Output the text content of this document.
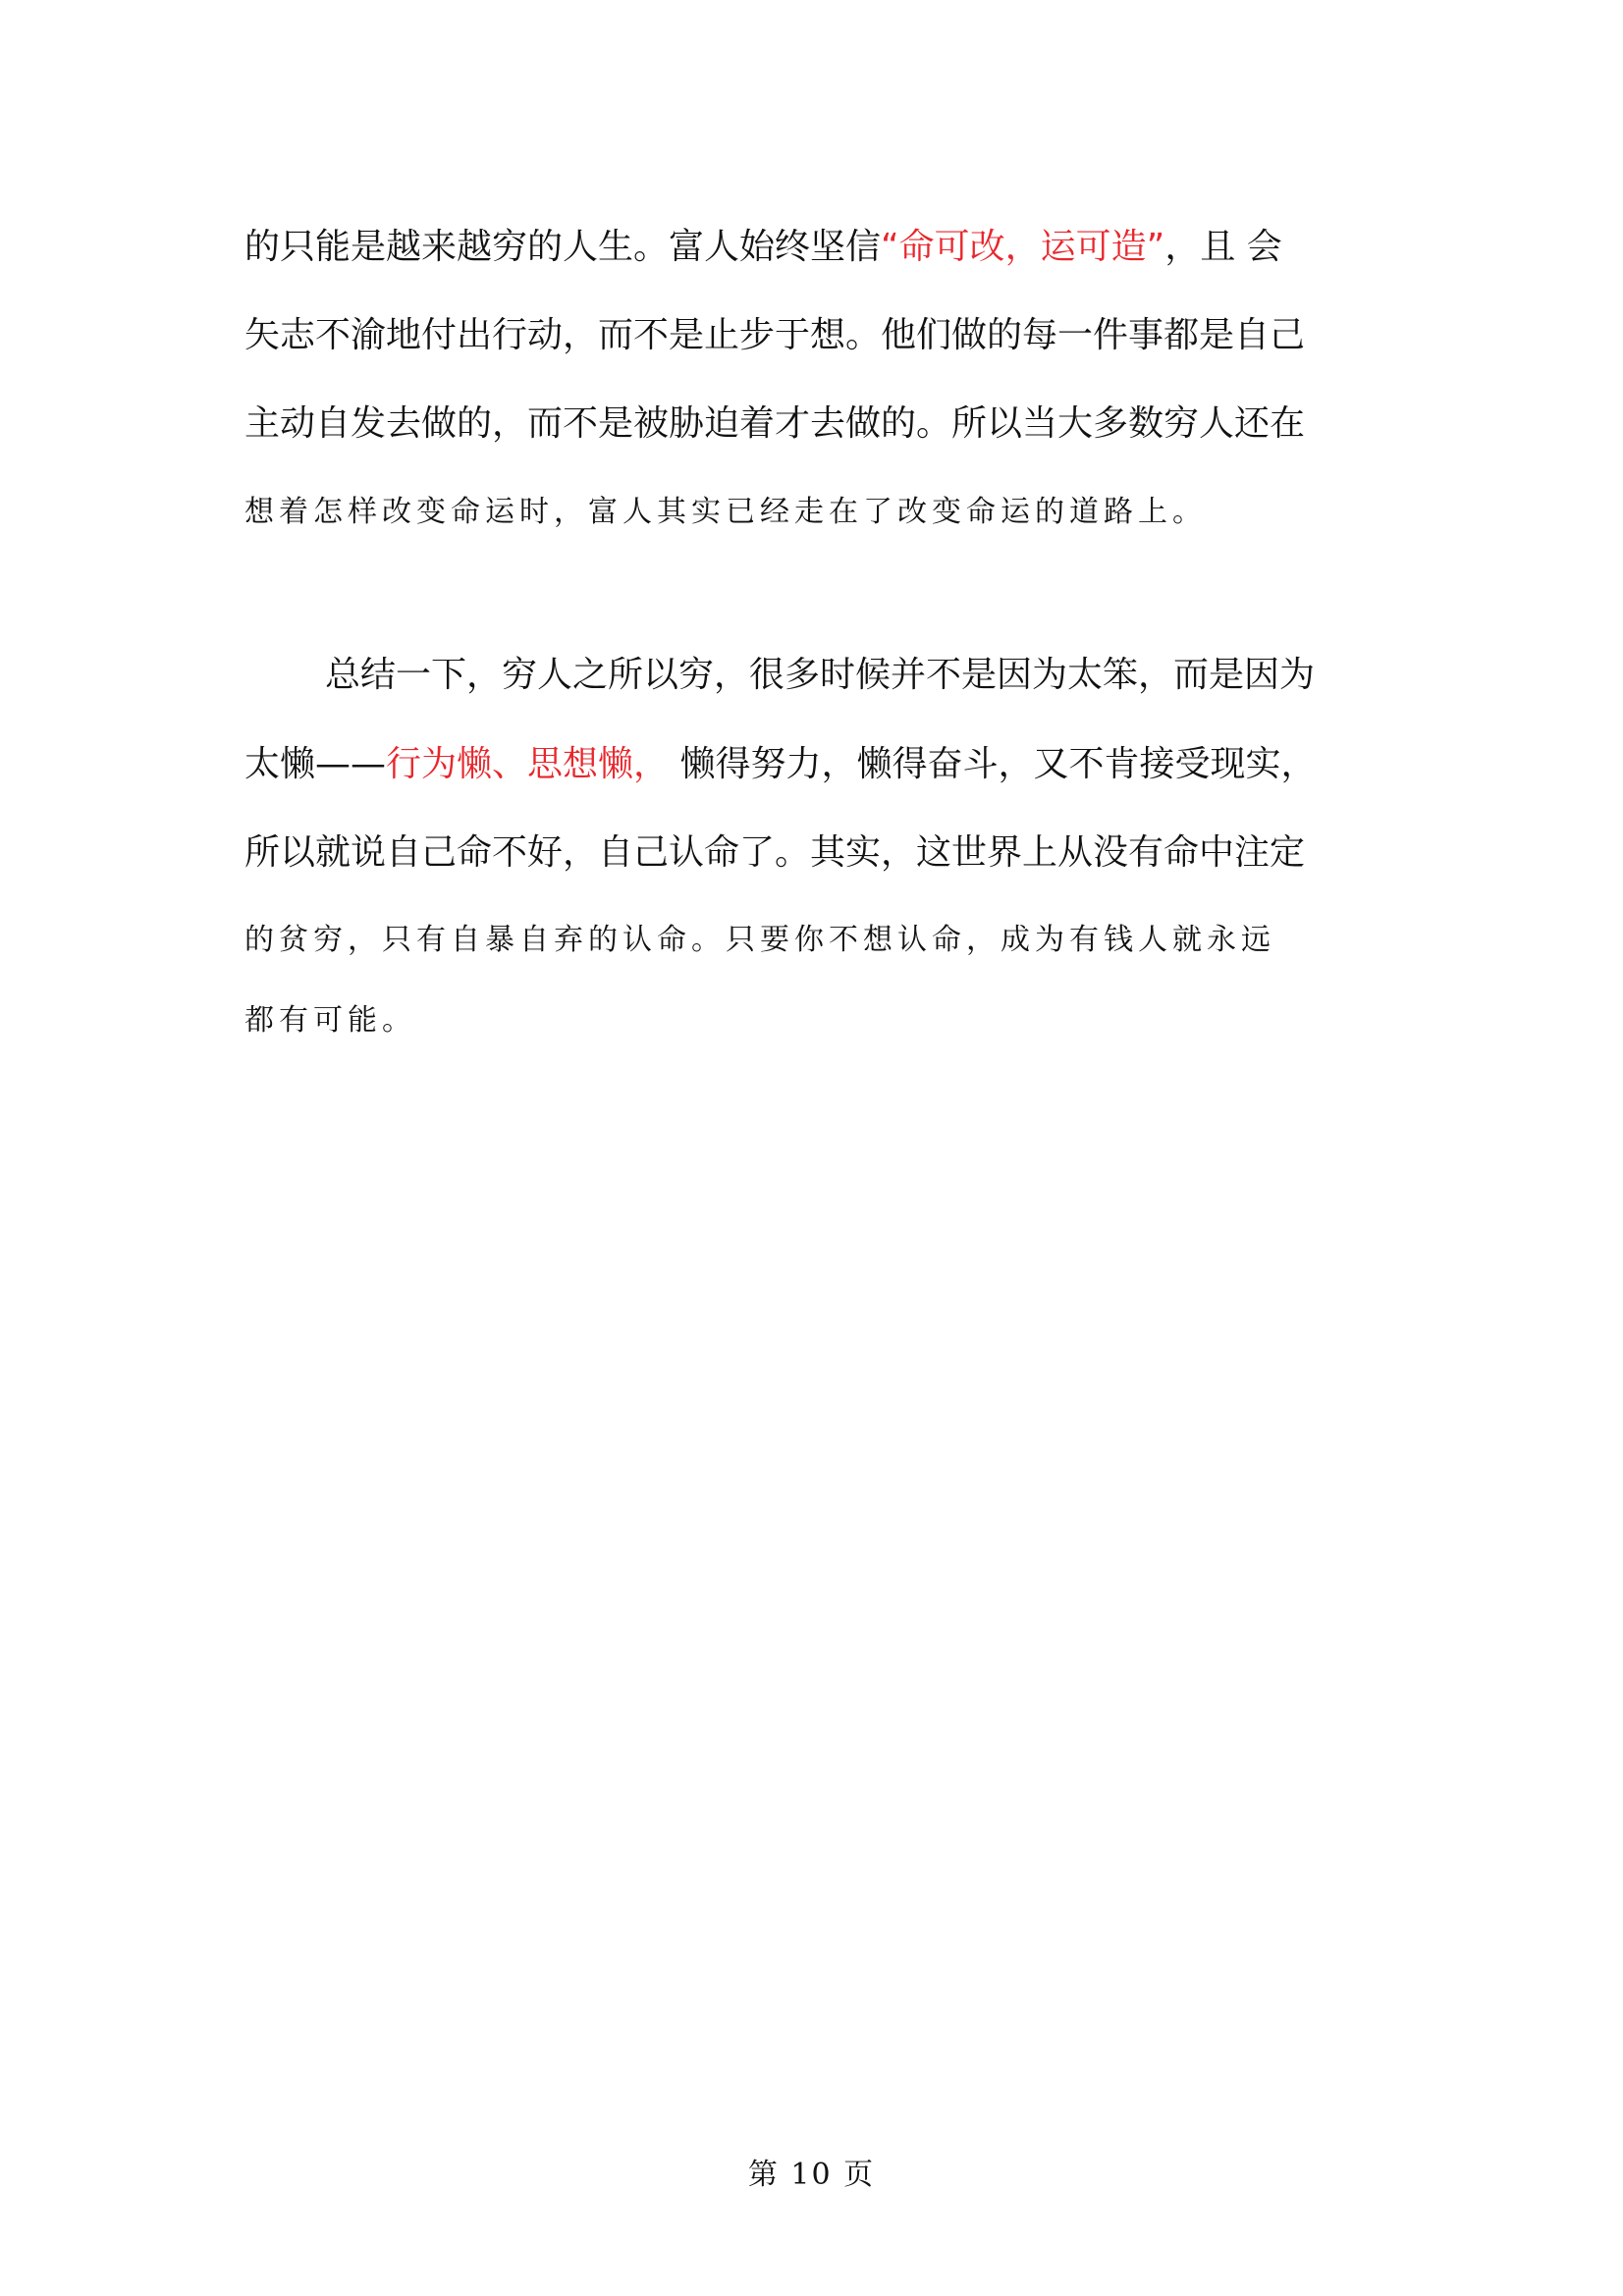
的只能是越来越穷的人生。富人始终坚信“命可改，运可造”，且 会
矢志不渝地付出行动，而不是止步于想。他们做的每一件事都是自己
主动自发去做的，而不是被胁迫着才去做的。所以当大多数穷人还在
想着怎样改变命运时，富人其实已经走在了改变命运的道路上。
总结一下，穷人之所以穷，很多时候并不是因为太笨，而是因为
太懒——行为懒、思想懒， 懒得努力，懒得奋斗，又不肯接受现实，
所以就说自己命不好，自己认命了。其实，这世界上从没有命中注定
的贫穷，只有自暴自弃的认命。只要你不想认命，成为有钱人就永远
都有可能。
第 10 页
